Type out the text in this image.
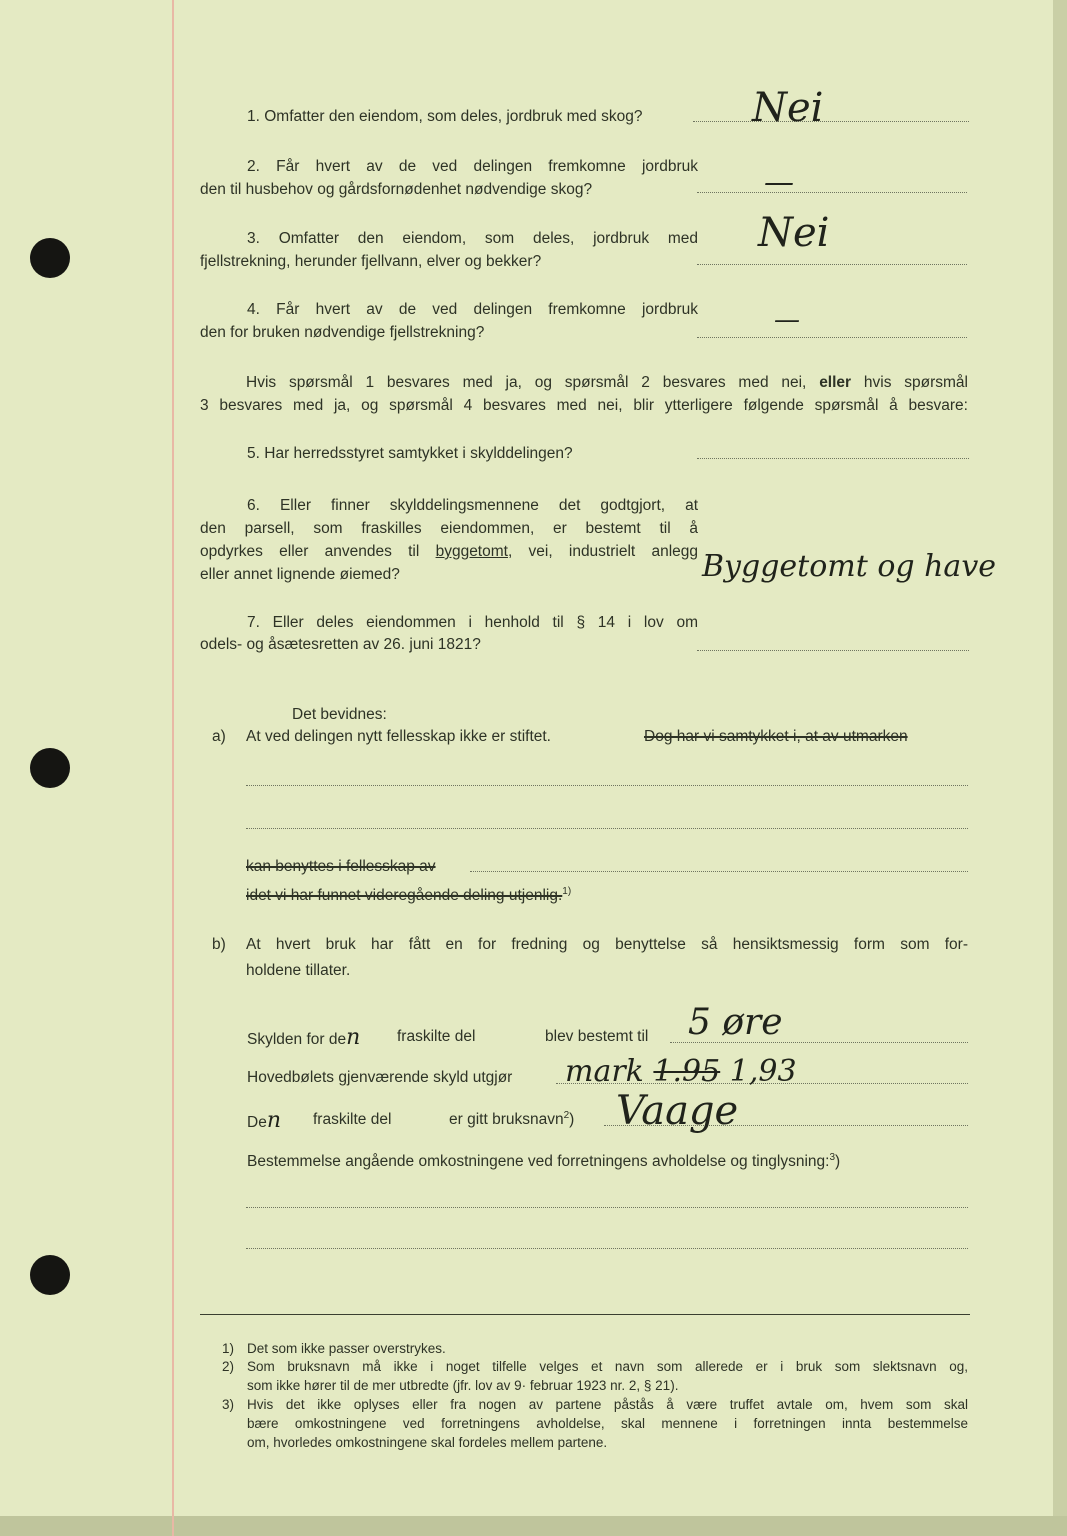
1. Omfatter den eiendom, som deles, jordbruk med skog?	Nei
2. Får hvert av de ved delingen fremkomne jordbruk
den til husbehov og gårdsfornødenhet nødvendige skog?	—
3. Omfatter den eiendom, som deles, jordbruk med
fjellstrekning, herunder fjellvann, elver og bekker?
Nei
4. Får hvert av de ved delingen fremkomne jordbruk
den for bruken nødvendige fjellstrekning?	—
Hvis spørsmål 1 besvares med ja, og spørsmål 2 besvares med nei, eller hvis spørsmål
3 besvares med ja, og spørsmål 4 besvares med nei, blir ytterligere følgende spørsmål å besvare:
5. Har herredsstyret samtykket i skylddelingen?
6. Eller finner skylddelingsmennene det godtgjort, at
den parsell, som fraskilles eiendommen, er bestemt til å
opdyrkes eller anvendes til byggetomt, vei, industrielt anlegg
eller annet lignende øiemed?	Byggetomt og have
7. Eller deles eiendommen i henhold til § 14 i lov om
odels- og åsætesretten av 26. juni 1821?
Det bevidnes:
a) At ved delingen nytt fellesskap ikke er stiftet.	Dog har vi samtykket i, at av utmarken
kan benyttes i fellesskap av
idet vi har funnet videregående deling utjenlig.$^{1)}$
b) At hvert bruk har fått en for fredning og benyttelse så hensiktsmessig form som for-
holdene tillater.
Skylden for den fraskilte del	blev bestemt til 5 øre
Hovedbølets gjenværende skyld utgjør mark 1.95 1,93
Den fraskilte del	er gitt bruksnavn$^2$) Vaage
Bestemmelse angående omkostningene ved forretningens avholdelse og tinglysning:$^3$)
1) Det som ikke passer overstrykes.
2) Som bruksnavn må ikke i noget tilfelle velges et navn som allerede er i bruk som slektsnavn og,
som ikke hører til de mer utbredte (jfr. lov av 9· februar 1923 nr. 2, § 21).
3) Hvis det ikke oplyses eller fra nogen av partene påstås å være truffet avtale om, hvem som skal
bære omkostningene ved forretningens avholdelse, skal mennene i forretningen innta bestemmelse
om, hvorledes omkostningene skal fordeles mellem partene.
